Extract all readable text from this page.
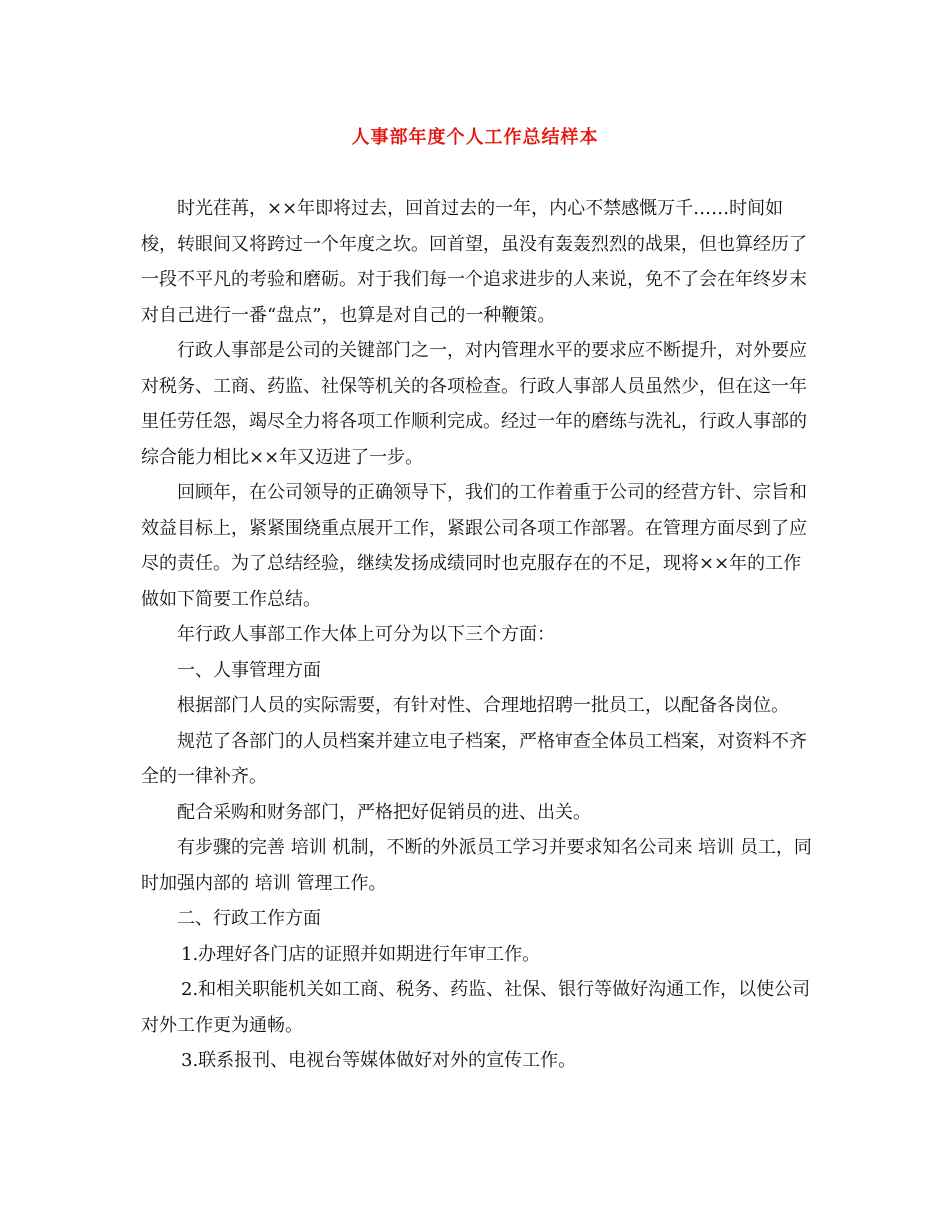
人事部年度个人工作总结样本

时光荏苒，××年即将过去，回首过去的一年，内心不禁感慨万千……时间如梭，转眼间又将跨过一个年度之坎。回首望，虽没有轰轰烈烈的战果，但也算经历了一段不平凡的考验和磨砺。对于我们每一个追求进步的人来说，免不了会在年终岁末对自己进行一番“盘点”，也算是对自己的一种鞭策。

行政人事部是公司的关键部门之一，对内管理水平的要求应不断提升，对外要应对税务、工商、药监、社保等机关的各项检查。行政人事部人员虽然少，但在这一年里任劳任怨，竭尽全力将各项工作顺利完成。经过一年的磨练与洗礼，行政人事部的综合能力相比××年又迈进了一步。

回顾年，在公司领导的正确领导下，我们的工作着重于公司的经营方针、宗旨和效益目标上，紧紧围绕重点展开工作，紧跟公司各项工作部署。在管理方面尽到了应尽的责任。为了总结经验，继续发扬成绩同时也克服存在的不足，现将××年的工作做如下简要工作总结。

年行政人事部工作大体上可分为以下三个方面：

一、人事管理方面

根据部门人员的实际需要，有针对性、合理地招聘一批员工，以配备各岗位。

规范了各部门的人员档案并建立电子档案，严格审查全体员工档案，对资料不齐全的一律补齐。

配合采购和财务部门，严格把好促销员的进、出关。

有步骤的完善 培训 机制，不断的外派员工学习并要求知名公司来 培训 员工，同时加强内部的 培训 管理工作。

二、行政工作方面

1.办理好各门店的证照并如期进行年审工作。

2.和相关职能机关如工商、税务、药监、社保、银行等做好沟通工作，以使公司对外工作更为通畅。

3.联系报刊、电视台等媒体做好对外的宣传工作。
